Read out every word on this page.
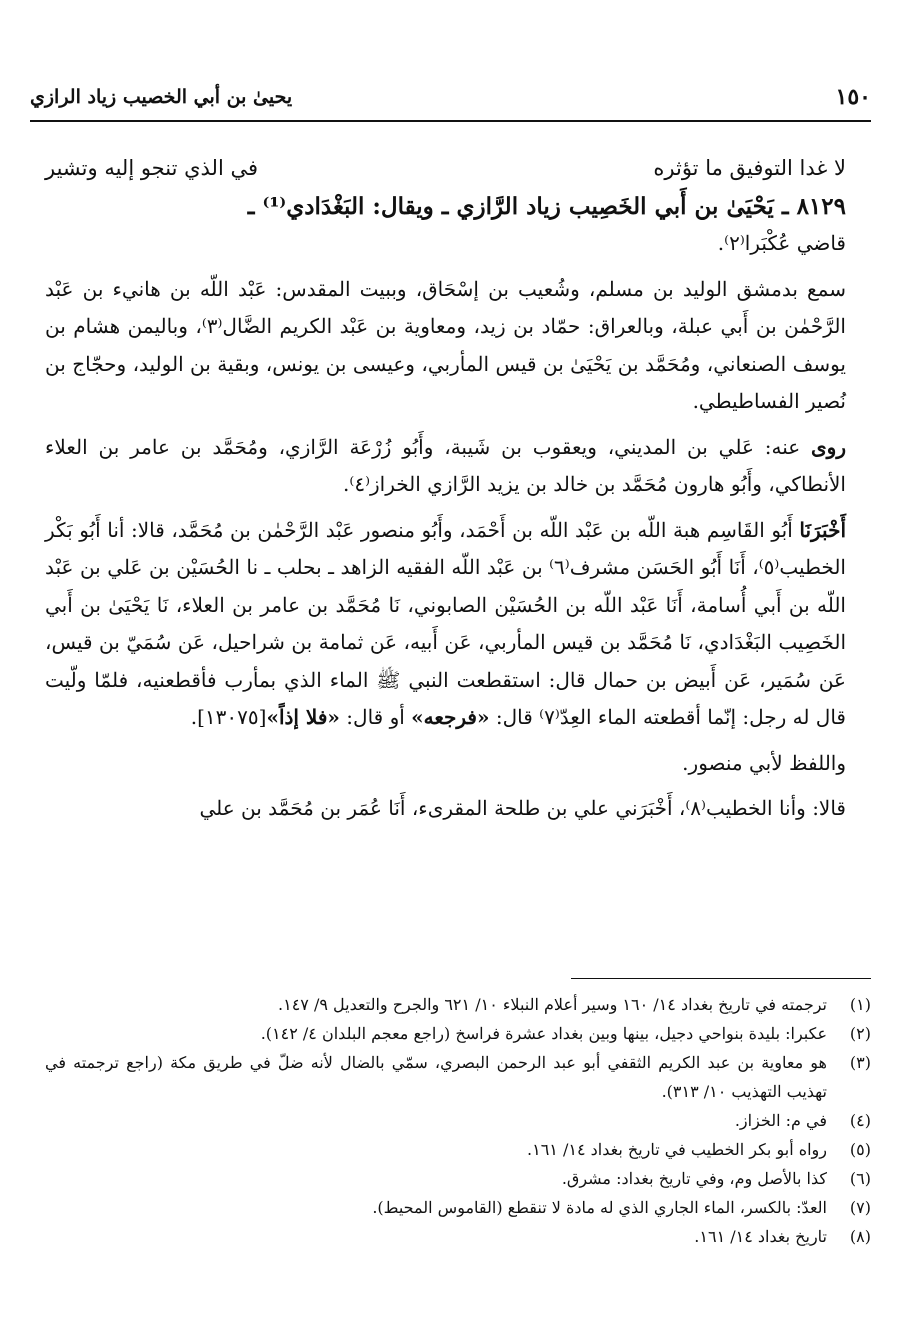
١٥٠
يحيىٰ بن أبي الخصيب زياد الرازي
لا غدا التوفيق ما تؤثره
في الذي تنجو إليه وتشير

٨١٢٩ ـ يَحْيَىٰ بن أَبي الخَصِيب زياد الرَّازي ـ ويقال: البَغْدَادي⁽¹⁾ ـ

قاضي عُكْبَرا⁽٢⁾.

سمع بدمشق الوليد بن مسلم، وشُعيب بن إسْحَاق، وببيت المقدس: عَبْد اللّه بن هانيء بن عَبْد الرَّحْمٰن بن أَبي عبلة، وبالعراق: حمّاد بن زيد، ومعاوية بن عَبْد الكريم الضَّال⁽٣⁾، وباليمن هشام بن يوسف الصنعاني، ومُحَمَّد بن يَحْيَىٰ بن قيس المأربي، وعيسى بن يونس، وبقية بن الوليد، وحجّاج بن نُصير الفساطيطي.

روى عنه: عَلي بن المديني، ويعقوب بن شَيبة، وأَبُو زُرْعَة الرَّازي، ومُحَمَّد بن عامر بن العلاء الأنطاكي، وأَبُو هارون مُحَمَّد بن خالد بن يزيد الرَّازي الخراز⁽٤⁾.

أَخْبَرَنَا أَبُو القَاسِم هبة اللّه بن عَبْد اللّه بن أَحْمَد، وأَبُو منصور عَبْد الرَّحْمٰن بن مُحَمَّد، قالا: أنا أَبُو بَكْر الخطيب⁽٥⁾، أَنَا أَبُو الحَسَن مشرف⁽٦⁾ بن عَبْد اللّه الفقيه الزاهد ـ بحلب ـ نا الحُسَيْن بن عَلي بن عَبْد اللّه بن أَبي أُسامة، أَنَا عَبْد اللّه بن الحُسَيْن الصابوني، نَا مُحَمَّد بن عامر بن العلاء، نَا يَحْيَىٰ بن أَبي الخَصِيب البَغْدَادي، نَا مُحَمَّد بن قيس المأربي، عَن أَبيه، عَن ثمامة بن شراحيل، عَن سُمَيّ بن قيس، عَن سُمَير، عَن أَبيض بن حمال قال: استقطعت النبي ﷺ الماء الذي بمأرب فأقطعنيه، فلمّا ولّيت قال له رجل: إنّما أقطعته الماء العِدّ⁽٧⁾ قال: «فرجعه» أو قال: «فلا إذاً»[١٣٠٧٥].

واللفظ لأبي منصور.

قالا: وأنا الخطيب⁽٨⁾، أَخْبَرَني علي بن طلحة المقرىء، أَنَا عُمَر بن مُحَمَّد بن علي

(١)
ترجمته في تاريخ بغداد ١٤/ ١٦٠ وسير أعلام النبلاء ١٠/ ٦٢١ والجرح والتعديل ٩/ ١٤٧.
(٢)
عكبرا: بليدة بنواحي دجيل، بينها وبين بغداد عشرة فراسخ (راجع معجم البلدان ٤/ ١٤٢).
(٣)
هو معاوية بن عبد الكريم الثقفي أبو عبد الرحمن البصري، سمّي بالضال لأنه ضلّ في طريق مكة (راجع ترجمته في تهذيب التهذيب ١٠/ ٣١٣).
(٤)
في م: الخزاز.
(٥)
رواه أبو بكر الخطيب في تاريخ بغداد ١٤/ ١٦١.
(٦)
كذا بالأصل وم، وفي تاريخ بغداد: مشرق.
(٧)
العدّ: بالكسر، الماء الجاري الذي له مادة لا تنقطع (القاموس المحيط).
(٨)
تاريخ بغداد ١٤/ ١٦١.
